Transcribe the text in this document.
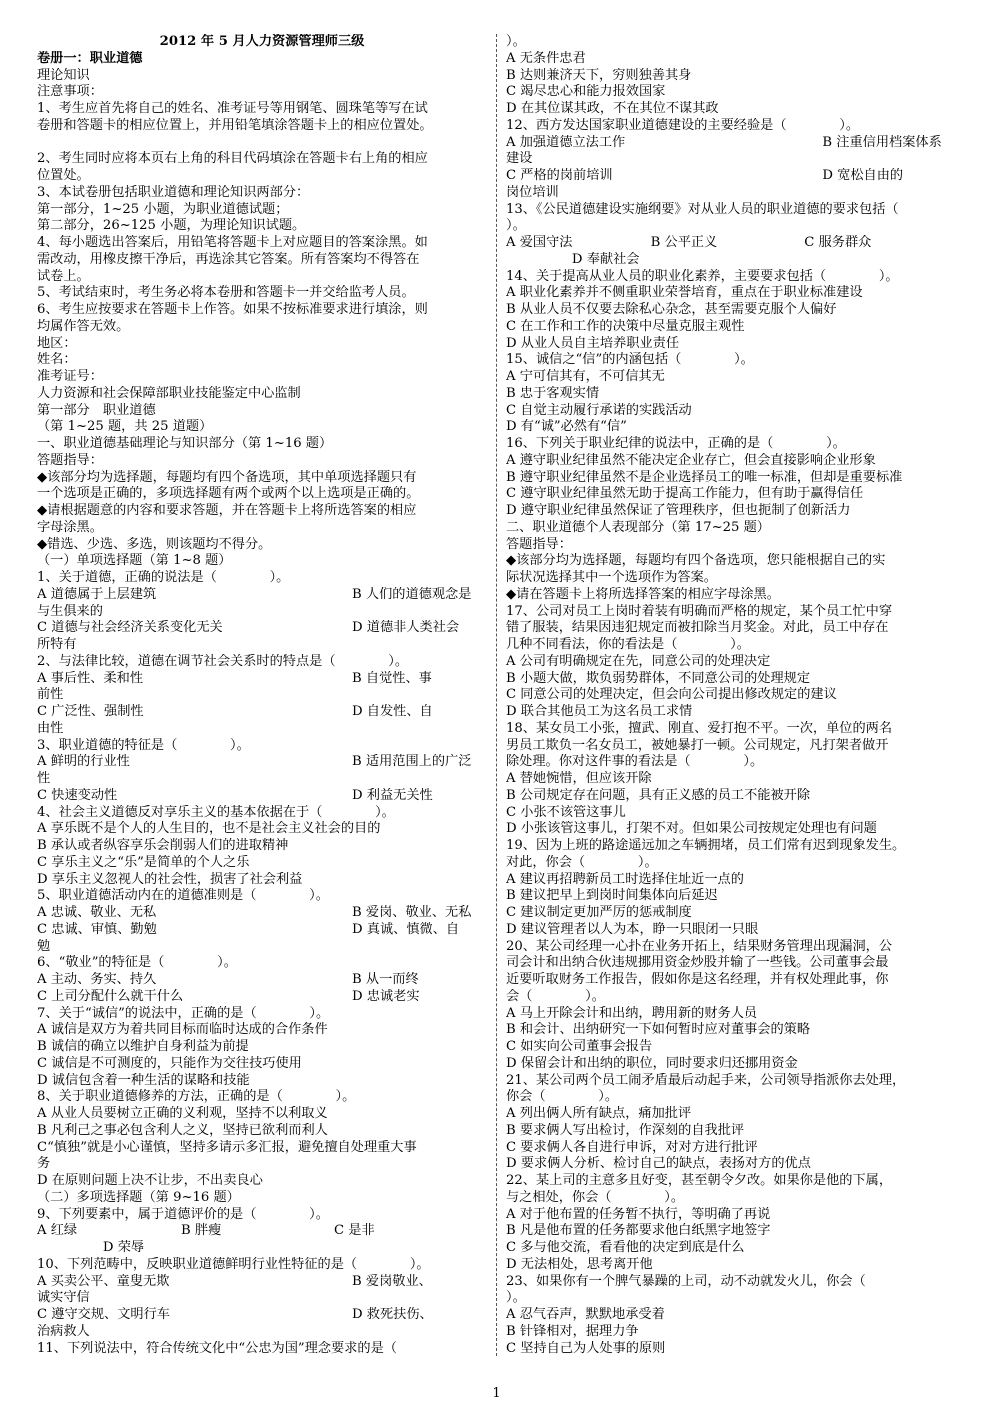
2012 年 5 月人力资源管理师三级
卷册一：职业道德
理论知识
注意事项：
1、考生应首先将自己的姓名、准考证号等用钢笔、圆珠笔等写在试
卷册和答题卡的相应位置上，并用铅笔填涂答题卡上的相应位置处。

2、考生同时应将本页右上角的科目代码填涂在答题卡右上角的相应
位置处。
3、本试卷册包括职业道德和理论知识两部分：
第一部分，1~25 小题，为职业道德试题；
第二部分，26~125 小题，为理论知识试题。
4、每小题选出答案后，用铅笔将答题卡上对应题目的答案涂黑。如
需改动，用橡皮擦干净后，再选涂其它答案。所有答案均不得答在
试卷上。
5、考试结束时，考生务必将本卷册和答题卡一并交给监考人员。
6、考生应按要求在答题卡上作答。如果不按标准要求进行填涂，则
均属作答无效。
地区：
姓名：
准考证号：
人力资源和社会保障部职业技能鉴定中心监制
第一部分　职业道德
（第 1~25 题，共 25 道题）
一、职业道德基础理论与知识部分（第 1~16 题）
答题指导：
◆该部分均为选择题，每题均有四个备选项，其中单项选择题只有
一个选项是正确的，多项选择题有两个或两个以上选项是正确的。
◆请根据题意的内容和要求答题，并在答题卡上将所选答案的相应
字母涂黑。
◆错选、少选、多选，则该题均不得分。
（一）单项选择题（第 1~8 题）
1、关于道德，正确的说法是（　　　　）。
A 道德属于上层建筑	B 人们的道德观念是
与生俱来的
C 道德与社会经济关系变化无关	D 道德非人类社会
所特有
2、与法律比较，道德在调节社会关系时的特点是（　　　　）。
A 事后性、柔和性	B 自觉性、事
前性
C 广泛性、强制性	D 自发性、自
由性
3、职业道德的特征是（　　　　）。
A 鲜明的行业性	B 适用范围上的广泛
性
C 快速变动性	D 利益无关性
4、社会主义道德反对享乐主义的基本依据在于（　　　　）。
A 享乐既不是个人的人生目的，也不是社会主义社会的目的
B 承认或者纵容享乐会削弱人们的进取精神
C 享乐主义之“乐”是简单的个人之乐
D 享乐主义忽视人的社会性，损害了社会利益
5、职业道德活动内在的道德准则是（　　　　）。
A 忠诚、敬业、无私	B 爱岗、敬业、无私
C 忠诚、审慎、勤勉	D 真诚、慎微、自
勉
6、“敬业”的特征是（　　　　）。
A 主动、务实、持久	B 从一而终
C 上司分配什么就干什么	D 忠诚老实
7、关于“诚信”的说法中，正确的是（　　　　）。
A 诚信是双方为着共同目标而临时达成的合作条件
B 诚信的确立以维护自身利益为前提
C 诚信是不可测度的，只能作为交往技巧使用
D 诚信包含着一种生活的谋略和技能
8、关于职业道德修养的方法，正确的是（　　　　）。
A 从业人员要树立正确的义利观，坚持不以利取义
B 凡利己之事必包含利人之义，坚持已欲利而利人
C“慎独”就是小心谨慎，坚持多请示多汇报，避免擅自处理重大事
务
D 在原则问题上决不让步，不出卖良心
（二）多项选择题（第 9~16 题）
9、下列要素中，属于道德评价的是（　　　　）。
A 红绿	B 胖瘦	C 是非
　　　　　D 荣辱
10、下列范畴中，反映职业道德鲜明行业性特征的是（　　　　）。
A 买卖公平、童叟无欺	B 爱岗敬业、
诚实守信
C 遵守交规、文明行车	D 救死扶伤、
治病救人
11、下列说法中，符合传统文化中“公忠为国”理念要求的是（
）。
A 无条件忠君
B 达则兼济天下，穷则独善其身
C 竭尽忠心和能力报效国家
D 在其位谋其政，不在其位不谋其政
12、西方发达国家职业道德建设的主要经验是（　　　　）。
A 加强道德立法工作	B 注重信用档案体系
建设
C 严格的岗前培训	D 宽松自由的
岗位培训
13、《公民道德建设实施纲要》对从业人员的职业道德的要求包括（
）。
A 爱国守法	B 公平正义	C 服务群众
　　　　　D 奉献社会
14、关于提高从业人员的职业化素养，主要要求包括（　　　　）。
A 职业化素养并不侧重职业荣誉培育，重点在于职业标准建设
B 从业人员不仅要去除私心杂念，甚至需要克服个人偏好
C 在工作和工作的决策中尽量克服主观性
D 从业人员自主培养职业责任
15、诚信之“信”的内涵包括（　　　　）。
A 宁可信其有，不可信其无
B 忠于客观实情
C 自觉主动履行承诺的实践活动
D 有“诚”必然有“信”
16、下列关于职业纪律的说法中，正确的是（　　　　）。
A 遵守职业纪律虽然不能决定企业存亡，但会直接影响企业形象
B 遵守职业纪律虽然不是企业选择员工的唯一标准，但却是重要标准
C 遵守职业纪律虽然无助于提高工作能力，但有助于赢得信任
D 遵守职业纪律虽然保证了管理秩序，但也扼制了创新活力
二、职业道德个人表现部分（第 17~25 题）
答题指导：
◆该部分均为选择题，每题均有四个备选项，您只能根据自己的实
际状况选择其中一个选项作为答案。
◆请在答题卡上将所选择答案的相应字母涂黑。
17、公司对员工上岗时着装有明确而严格的规定，某个员工忙中穿
错了服装，结果因违犯规定而被扣除当月奖金。对此，员工中存在
几种不同看法，你的看法是（　　　　）。
A 公司有明确规定在先，同意公司的处理决定
B 小题大做，欺负弱势群体，不同意公司的处理规定
C 同意公司的处理决定，但会向公司提出修改规定的建议
D 联合其他员工为这名员工求情
18、某女员工小张，擅武、刚直、爱打抱不平。一次，单位的两名
男员工欺负一名女员工，被她暴打一顿。公司规定，凡打架者做开
除处理。你对这件事的看法是（　　　　）。
A 替她惋惜，但应该开除
B 公司规定存在问题，具有正义感的员工不能被开除
C 小张不该管这事儿
D 小张该管这事儿，打架不对。但如果公司按规定处理也有问题
19、因为上班的路途遥远加之车辆拥堵，员工们常有迟到现象发生。
对此，你会（　　　　）。
A 建议再招聘新员工时选择住址近一点的
B 建议把早上到岗时间集体向后延迟
C 建议制定更加严厉的惩戒制度
D 建议管理者以人为本，睁一只眼闭一只眼
20、某公司经理一心扑在业务开拓上，结果财务管理出现漏洞，公
司会计和出纳合伙违规挪用资金炒股并输了一些钱。公司董事会最
近要听取财务工作报告，假如你是这名经理，并有权处理此事，你
会（　　　　）。
A 马上开除会计和出纳，聘用新的财务人员
B 和会计、出纳研究一下如何暂时应对董事会的策略
C 如实向公司董事会报告
D 保留会计和出纳的职位，同时要求归还挪用资金
21、某公司两个员工闹矛盾最后动起手来，公司领导指派你去处理，
你会（　　　　）。
A 列出俩人所有缺点，痛加批评
B 要求俩人写出检讨，作深刻的自我批评
C 要求俩人各自进行申诉，对对方进行批评
D 要求俩人分析、检讨自己的缺点，表扬对方的优点
22、某上司的主意多且好变，甚至朝令夕改。如果你是他的下属，
与之相处，你会（　　　　）。
A 对于他布置的任务暂不执行，等明确了再说
B 凡是他布置的任务都要求他白纸黑字地签字
C 多与他交流，看看他的决定到底是什么
D 无法相处，思考离开他
23、如果你有一个脾气暴躁的上司，动不动就发火儿，你会（
）。
A 忍气吞声，默默地承受着
B 针锋相对，据理力争
C 坚持自己为人处事的原则
1
